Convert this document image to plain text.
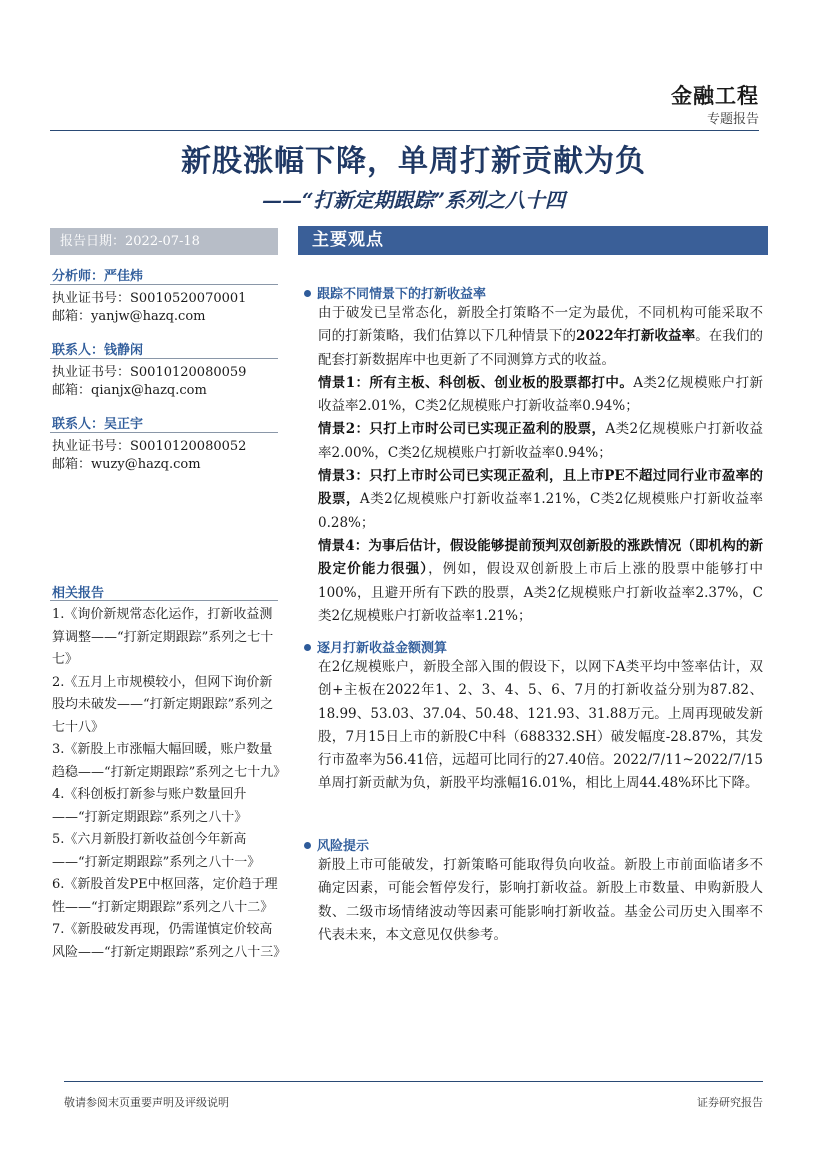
金融工程
专题报告
新股涨幅下降，单周打新贡献为负
——“打新定期跟踪”系列之八十四
报告日期：2022-07-18	主要观点
分析师：严佳炜
执业证书号：S0010520070001
邮箱：yanjw@hazq.com
联系人：钱静闲
执业证书号：S0010120080059
邮箱：qianjx@hazq.com
联系人：吴正宇
执业证书号：S0010120080052
邮箱：wuzy@hazq.com
相关报告
1.《询价新规常态化运作，打新收益测算调整——“打新定期跟踪”系列之七十七》
2.《五月上市规模较小，但网下询价新股均未破发——“打新定期跟踪”系列之七十八》
3.《新股上市涨幅大幅回暖，账户数量趋稳——“打新定期跟踪”系列之七十九》
4.《科创板打新参与账户数量回升——“打新定期跟踪”系列之八十》
5.《六月新股打新收益创今年新高——“打新定期跟踪”系列之八十一》
6.《新股首发PE中枢回落，定价趋于理性——“打新定期跟踪”系列之八十二》
7.《新股破发再现，仍需谨慎定价较高风险——“打新定期跟踪”系列之八十三》
跟踪不同情景下的打新收益率
由于破发已呈常态化，新股全打策略不一定为最优，不同机构可能采取不同的打新策略，我们估算以下几种情景下的2022年打新收益率。在我们的配套打新数据库中也更新了不同测算方式的收益。
情景1：所有主板、科创板、创业板的股票都打中。A类2亿规模账户打新收益率2.01%，C类2亿规模账户打新收益率0.94%；
情景2：只打上市时公司已实现正盈利的股票，A类2亿规模账户打新收益率2.00%，C类2亿规模账户打新收益率0.94%；
情景3：只打上市时公司已实现正盈利，且上市PE不超过同行业市盈率的股票，A类2亿规模账户打新收益率1.21%，C类2亿规模账户打新收益率0.28%；
情景4：为事后估计，假设能够提前预判双创新股的涨跌情况（即机构的新股定价能力很强），例如，假设双创新股上市后上涨的股票中能够打中100%，且避开所有下跌的股票，A类2亿规模账户打新收益率2.37%，C类2亿规模账户打新收益率1.21%；
逐月打新收益金额测算
在2亿规模账户，新股全部入围的假设下，以网下A类平均中签率估计，双创+主板在2022年1、2、3、4、5、6、7月的打新收益分别为87.82、18.99、53.03、37.04、50.48、121.93、31.88万元。上周再现破发新股，7月15日上市的新股C中科（688332.SH）破发幅度-28.87%，其发行市盈率为56.41倍，远超可比同行的27.40倍。2022/7/11~2022/7/15单周打新贡献为负，新股平均涨幅16.01%，相比上周44.48%环比下降。
风险提示
新股上市可能破发，打新策略可能取得负向收益。新股上市前面临诸多不确定因素，可能会暂停发行，影响打新收益。新股上市数量、申购新股人数、二级市场情绪波动等因素可能影响打新收益。基金公司历史入围率不代表未来，本文意见仅供参考。
敬请参阅末页重要声明及评级说明	证券研究报告
